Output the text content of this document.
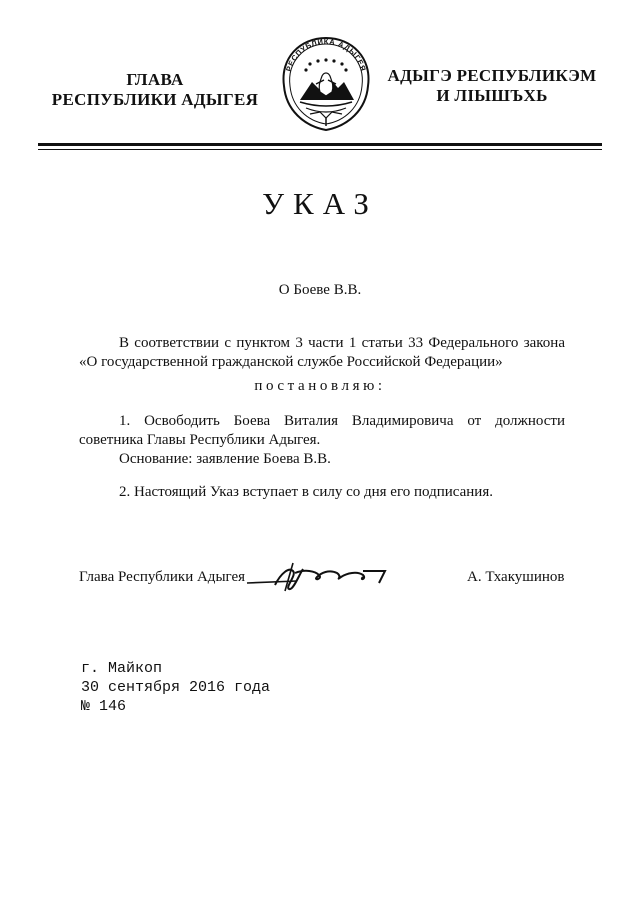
ГЛАВА
РЕСПУБЛИКИ АДЫГЕЯ
РЕСПУБЛИКА АДЫГЕЯ	АДЫГЭ РЕСПУБЛИКЭМ
И ЛІЫШЪХЬ
УКАЗ
О Боеве В.В.
В соответствии с пунктом 3 части 1 статьи 33 Федерального закона
«О государственной гражданской службе Российской Федерации»
постановляю:
1. Освободить Боева Виталия Владимировича от должности
советника Главы Республики Адыгея.
Основание: заявление Боева В.В.
2. Настоящий Указ вступает в силу со дня его подписания.
Глава Республики Адыгея	А. Тхакушинов
г. Майкоп
30 сентября 2016 года
№ 146
